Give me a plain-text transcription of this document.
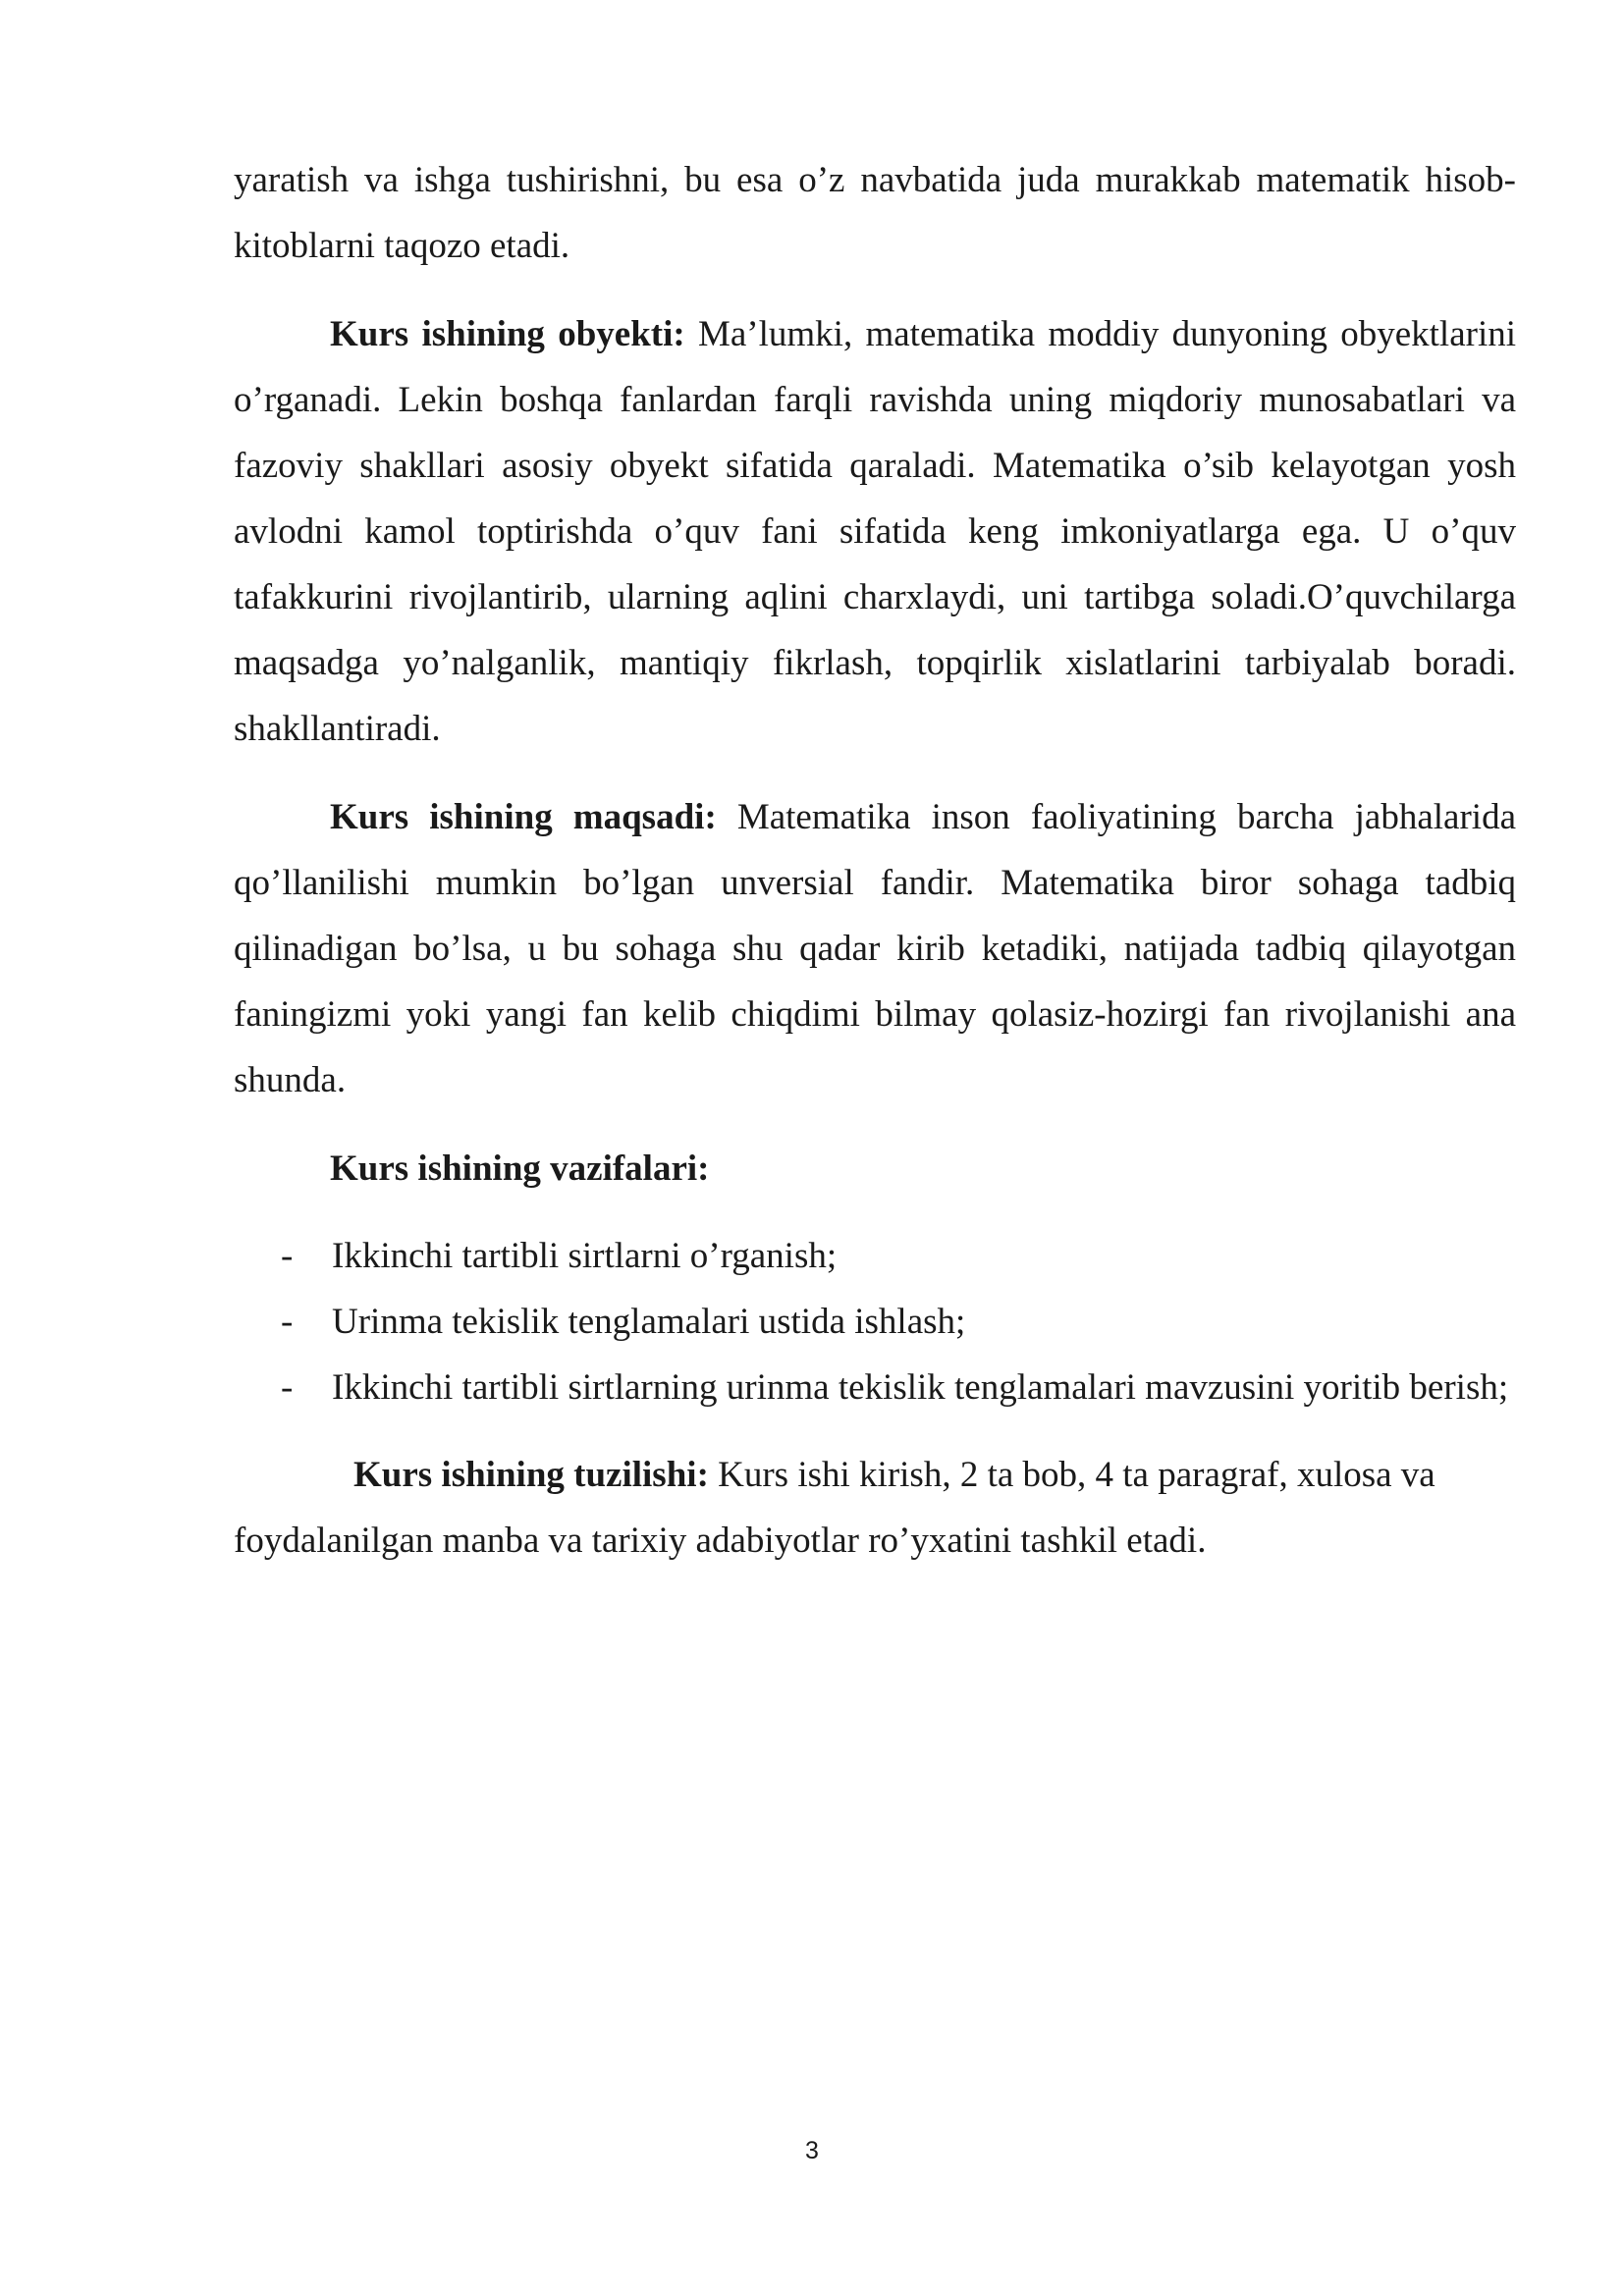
yaratish va ishga tushirishni, bu esa o’z navbatida juda murakkab matematik hisob-kitoblarni taqozo etadi.

Kurs ishining obyekti: Ma’lumki, matematika moddiy dunyoning obyektlarini o’rganadi. Lekin boshqa fanlardan farqli ravishda uning miqdoriy munosabatlari va fazoviy shakllari asosiy obyekt sifatida qaraladi. Matematika o’sib kelayotgan yosh avlodni kamol toptirishda o’quv fani sifatida keng imkoniyatlarga ega. U o’quv tafakkurini rivojlantirib, ularning aqlini charxlaydi, uni tartibga soladi.O’quvchilarga maqsadga yo’nalganlik, mantiqiy fikrlash, topqirlik xislatlarini tarbiyalab boradi. shakllantiradi.

Kurs ishining maqsadi: Matematika inson faoliyatining barcha jabhalarida qo’llanilishi mumkin bo’lgan unversial fandir. Matematika biror sohaga tadbiq qilinadigan bo’lsa, u bu sohaga shu qadar kirib ketadiki, natijada tadbiq qilayotgan faningizmi yoki yangi fan kelib chiqdimi bilmay qolasiz-hozirgi fan rivojlanishi ana shunda.

Kurs ishining vazifalari:

- Ikkinchi tartibli sirtlarni o’rganish;
- Urinma tekislik tenglamalari ustida ishlash;
- Ikkinchi tartibli sirtlarning urinma tekislik tenglamalari mavzusini yoritib berish;

Kurs ishining tuzilishi: Kurs ishi kirish, 2 ta bob, 4 ta paragraf, xulosa va foydalanilgan manba va tarixiy adabiyotlar ro’yxatini tashkil etadi.

3
